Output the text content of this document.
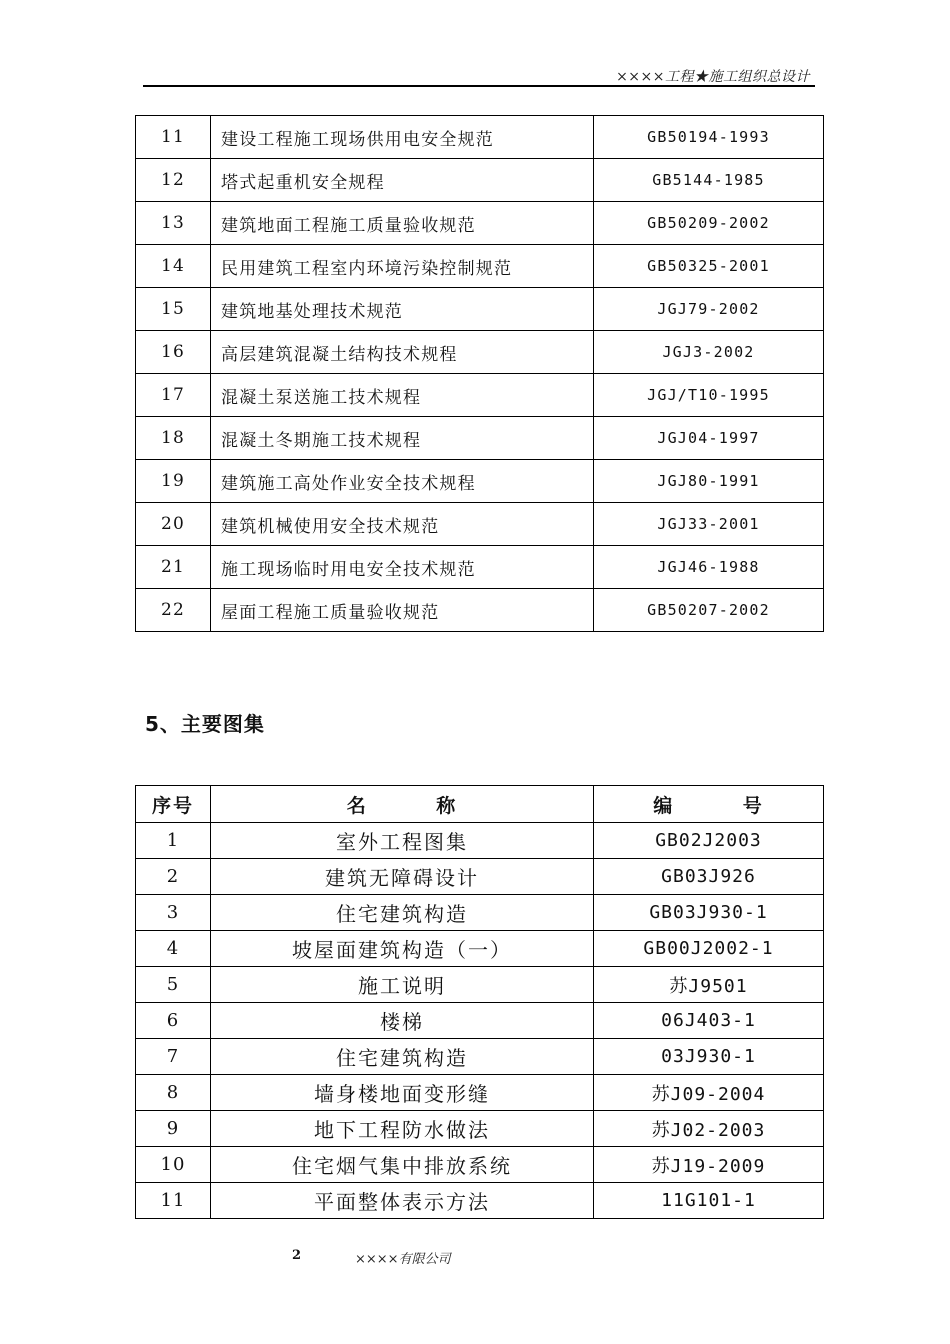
××××工程★施工组织总设计
11	建设工程施工现场供用电安全规范	GB50194-1993
12	塔式起重机安全规程	GB5144-1985
13	建筑地面工程施工质量验收规范	GB50209-2002
14	民用建筑工程室内环境污染控制规范	GB50325-2001
15	建筑地基处理技术规范	JGJ79-2002
16	高层建筑混凝土结构技术规程	JGJ3-2002
17	混凝土泵送施工技术规程	JGJ/T10-1995
18	混凝土冬期施工技术规程	JGJ04-1997
19	建筑施工高处作业安全技术规程	JGJ80-1991
20	建筑机械使用安全技术规范	JGJ33-2001
21	施工现场临时用电安全技术规范	JGJ46-1988
22	屋面工程施工质量验收规范	GB50207-2002
5、主要图集
序号	名 称	编 号
1	室外工程图集	GB02J2003
2	建筑无障碍设计	GB03J926
3	住宅建筑构造	GB03J930-1
4	坡屋面建筑构造（一）	GB00J2002-1
5	施工说明	苏J9501
6	楼梯	06J403-1
7	住宅建筑构造	03J930-1
8	墙身楼地面变形缝	苏J09-2004
9	地下工程防水做法	苏J02-2003
10	住宅烟气集中排放系统	苏J19-2009
11	平面整体表示方法	11G101-1
2	××××有限公司
